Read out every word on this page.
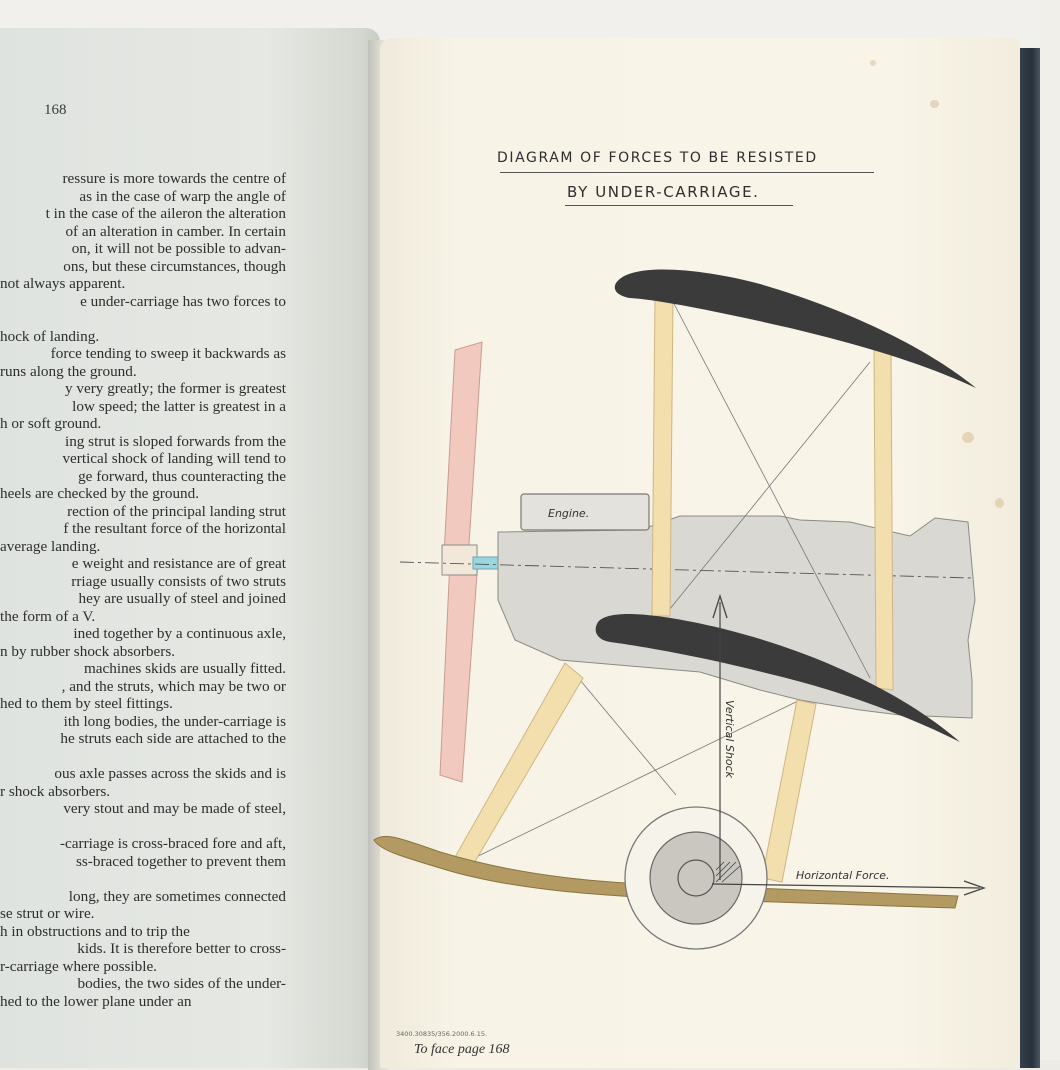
168
ressure is more towards the centre of
as in the case of warp the angle of
t in the case of the aileron the alteration
of an alteration in camber. In certain
on, it will not be possible to advan-
ons, but these circumstances, though
not always apparent.
e under-carriage has two forces to
hock of landing.
force tending to sweep it backwards as
runs along the ground.
y very greatly; the former is greatest
low speed; the latter is greatest in a
h or soft ground.
ing strut is sloped forwards from the
vertical shock of landing will tend to
ge forward, thus counteracting the
heels are checked by the ground.
rection of the principal landing strut
f the resultant force of the horizontal
average landing.
e weight and resistance are of great
rriage usually consists of two struts
hey are usually of steel and joined
the form of a V.
ined together by a continuous axle,
n by rubber shock absorbers.
machines skids are usually fitted.
, and the struts, which may be two or
hed to them by steel fittings.
ith long bodies, the under-carriage is
he struts each side are attached to the
ous axle passes across the skids and is
r shock absorbers.
very stout and may be made of steel,
-carriage is cross-braced fore and aft,
ss-braced together to prevent them
long, they are sometimes connected
se strut or wire.
h in obstructions and to trip the
kids. It is therefore better to cross-
r-carriage where possible.
bodies, the two sides of the under-
hed to the lower plane under an
DIAGRAM OF FORCES TO BE RESISTED
BY UNDER-CARRIAGE.
Engine.
Vertical Shock
Horizontal Force.
3400.30835/356.2000.6.15.
To face page 168
